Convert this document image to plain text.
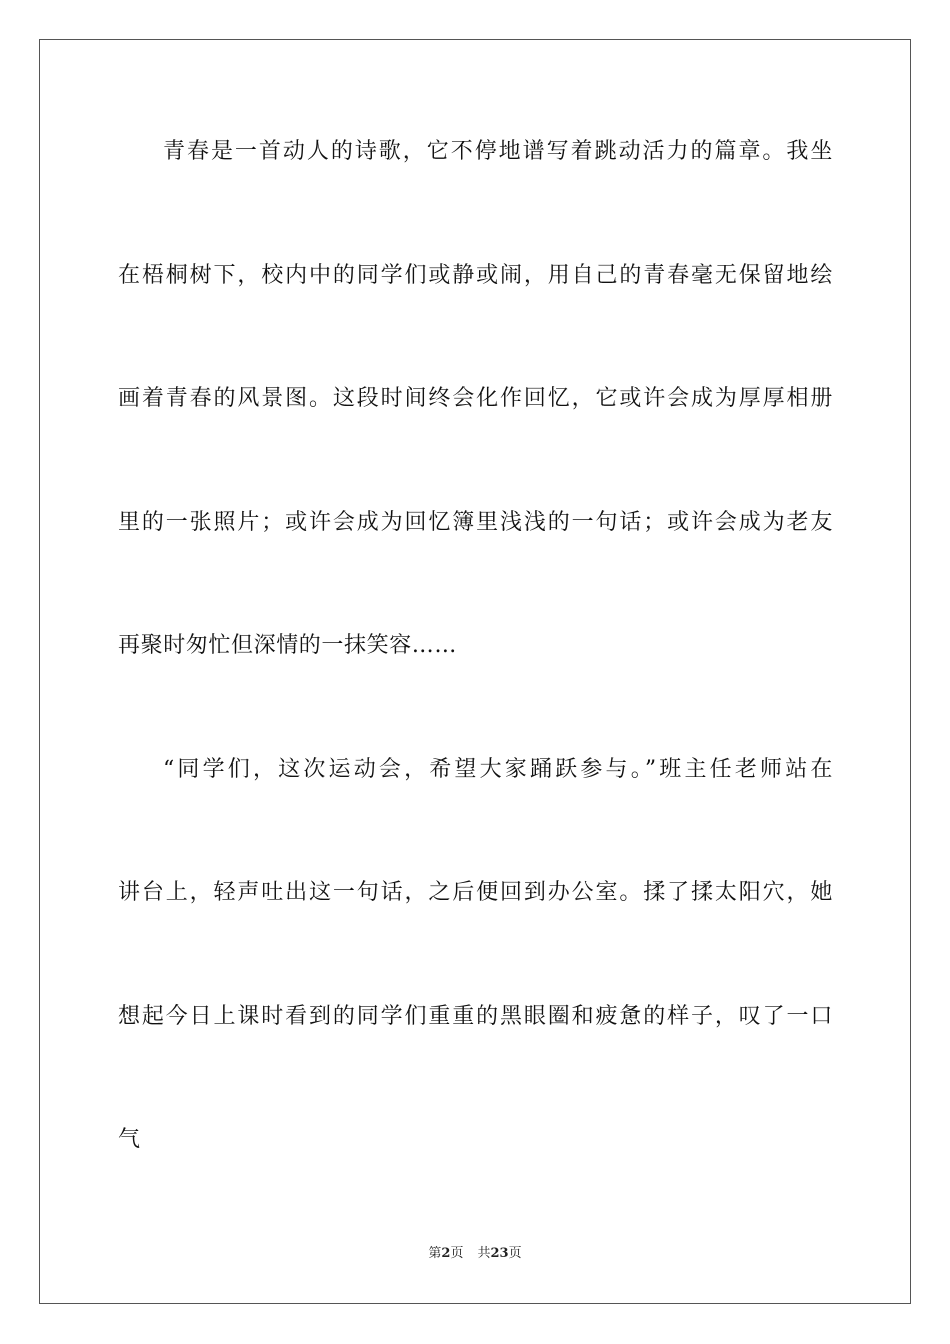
青春是一首动人的诗歌，它不停地谱写着跳动活力的篇章。我坐
在梧桐树下，校内中的同学们或静或闹，用自己的青春毫无保留地绘
画着青春的风景图。这段时间终会化作回忆，它或许会成为厚厚相册
里的一张照片；或许会成为回忆簿里浅浅的一句话；或许会成为老友
再聚时匆忙但深情的一抹笑容……
“同学们，这次运动会，希望大家踊跃参与。”班主任老师站在
讲台上，轻声吐出这一句话，之后便回到办公室。揉了揉太阳穴，她
想起今日上课时看到的同学们重重的黑眼圈和疲惫的样子，叹了一口
气
第2页 共23页
